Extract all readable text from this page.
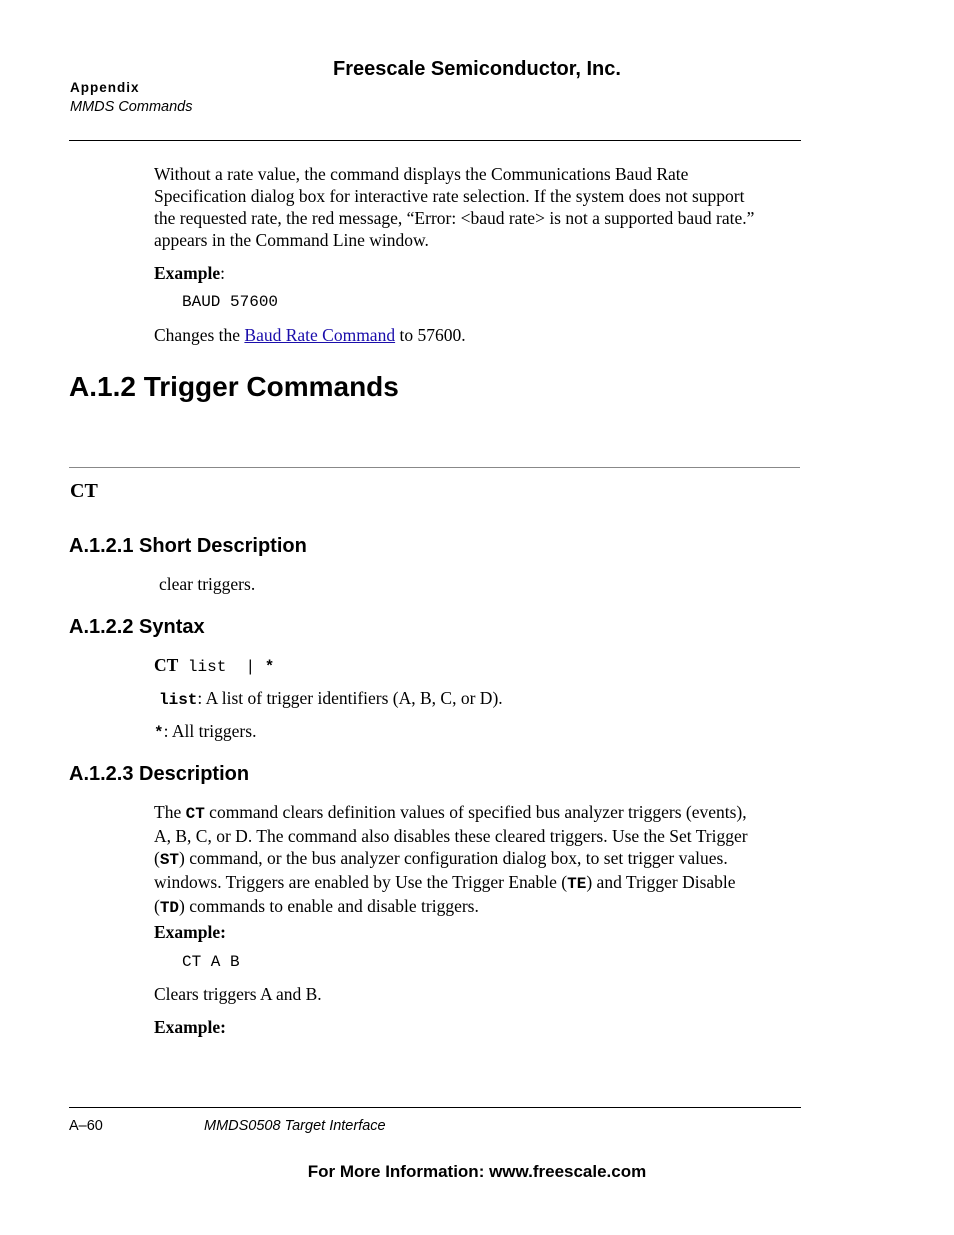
Freescale Semiconductor, Inc.
Appendix
MMDS Commands
Without a rate value, the command displays the Communications Baud Rate
Specification dialog box for interactive rate selection. If the system does not support
the requested rate, the red message, “Error: <baud rate> is not a supported baud rate.”
appears in the Command Line window.
Example:
BAUD 57600
Changes the Baud Rate Command to 57600.
A.1.2 Trigger Commands
CT
A.1.2.1 Short Description
clear triggers.
A.1.2.2 Syntax
CT list  | *
list: A list of trigger identifiers (A, B, C, or D).
*: All triggers.
A.1.2.3 Description
The CT command clears definition values of specified bus analyzer triggers (events),
A, B, C, or D. The command also disables these cleared triggers. Use the Set Trigger
(ST) command, or the bus analyzer configuration dialog box, to set trigger values.
windows. Triggers are enabled by Use the Trigger Enable (TE) and Trigger Disable
(TD) commands to enable and disable triggers.
Example:
CT A B
Clears triggers A and B.
Example:
A–60	MMDS0508 Target Interface
For More Information: www.freescale.com
